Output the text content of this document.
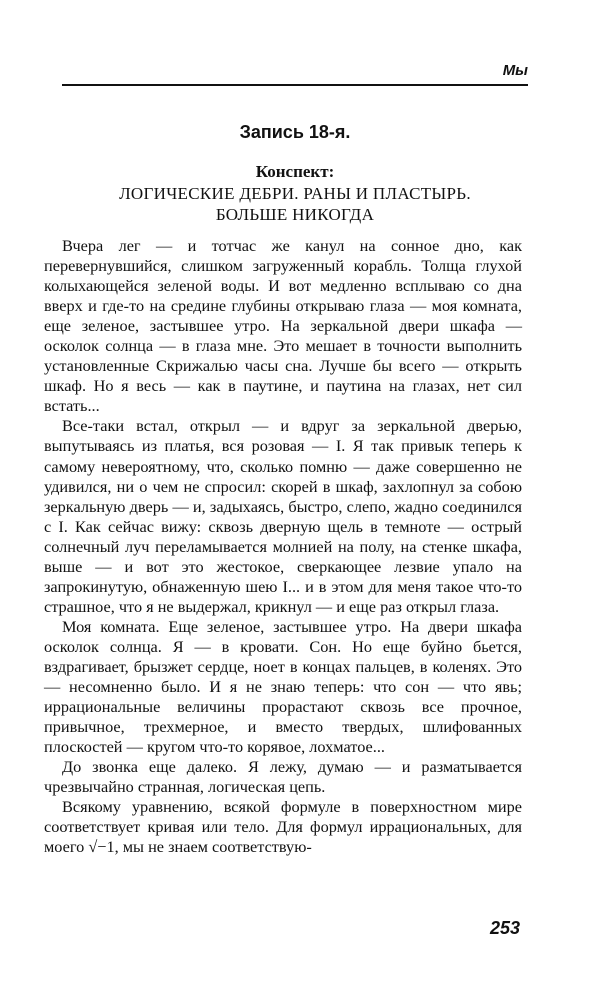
Мы
Запись 18-я.
Конспект:
ЛОГИЧЕСКИЕ ДЕБРИ. РАНЫ И ПЛАСТЫРЬ.
БОЛЬШЕ НИКОГДА

Вчера лег — и тотчас же канул на сонное дно, как перевернувшийся, слишком загруженный корабль. Толща глухой колыхающейся зеленой воды. И вот медленно всплываю со дна вверх и где-то на средине глубины открываю глаза — моя комната, еще зеленое, застывшее утро. На зеркальной двери шкафа — осколок солнца — в глаза мне. Это мешает в точности выполнить установленные Скрижалью часы сна. Лучше бы всего — открыть шкаф. Но я весь — как в паутине, и паутина на глазах, нет сил встать...

Все-таки встал, открыл — и вдруг за зеркальной дверью, выпутываясь из платья, вся розовая — I. Я так привык теперь к самому невероятному, что, сколько помню — даже совершенно не удивился, ни о чем не спросил: скорей в шкаф, захлопнул за собою зеркальную дверь — и, задыхаясь, быстро, слепо, жадно соединился с I. Как сейчас вижу: сквозь дверную щель в темноте — острый солнечный луч переламывается молнией на полу, на стенке шкафа, выше — и вот это жестокое, сверкающее лезвие упало на запрокинутую, обнаженную шею I... и в этом для меня такое что-то страшное, что я не выдержал, крикнул — и еще раз открыл глаза.

Моя комната. Еще зеленое, застывшее утро. На двери шкафа осколок солнца. Я — в кровати. Сон. Но еще буйно бьется, вздрагивает, брызжет сердце, ноет в концах пальцев, в коленях. Это — несомненно было. И я не знаю теперь: что сон — что явь; иррациональные величины прорастают сквозь все прочное, привычное, трехмерное, и вместо твердых, шлифованных плоскостей — кругом что-то корявое, лохматое...

До звонка еще далеко. Я лежу, думаю — и разматывается чрезвычайно странная, логическая цепь.

Всякому уравнению, всякой формуле в поверхностном мире соответствует кривая или тело. Для формул иррациональных, для моего √−1, мы не знаем соответствую-

253
